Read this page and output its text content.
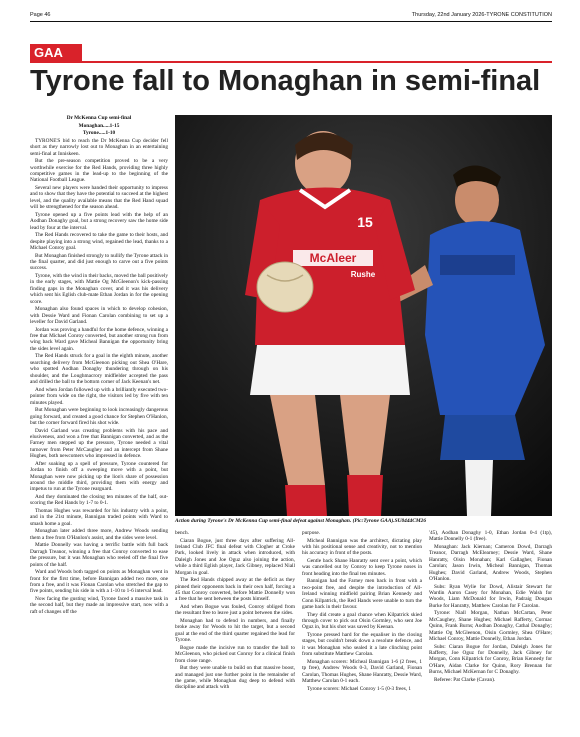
Page 46	Thursday, 22nd January 2026-TYRONE CONSTITUTION
GAA
Tyrone fall to Monaghan in semi-final

Dr McKenna Cup semi-final

Monaghan.....1-15

Tyrone.....1-10

TYRONE'S bid to reach the Dr McKenna Cup decider fell short as they narrowly lost out to Monaghan in an entertaining semi-final at Inniskeen.

But the pre-season competition proved to be a very worthwhile exercise for the Red Hands, providing three highly competitive games in the lead-up to the beginning of the National Football League.

Several new players were handed their opportunity to impress and to show that they have the potential to succeed at the highest level, and the quality available means that the Red Hand squad will be strengthened for the season ahead.

Tyrone opened up a five points lead with the help of an Aodhan Donaghy goal, but a strong recovery saw the home side lead by four at the interval.

The Red Hands recovered to take the game to their hosts, and despite playing into a strong wind, regained the lead, thanks to a Michael Conroy goal.

But Monaghan finished strongly to nullify the Tyrone attack in the final quarter, and did just enough to carve out a five points success.

Tyrone, with the wind in their backs, moved the ball positively in the early stages, with Mattie Og McGleenon's kick-passing finding gaps in the Monaghan cover, and it was his delivery which sent his Eglish club-mate Ethan Jordan in for the opening score.

Monaghan also found spaces in which to develop cohesion, with Dessie Ward and Fionan Carolan combining to set up a leveller for David Garland.

Jordan was proving a handful for the home defence, winning a free that Michael Conroy converted, but another strong run from wing back Ward gave Micheal Bannigan the opportunity bring the sides level again.

The Red Hands struck for a goal in the eighth minute, another searching delivery from McGleenon picking out Shea O'Hare, who spotted Aodhan Donaghy thundering through on his shoulder, and the Loughmacrory midfielder accepted the pass and drilled the ball to the bottom corner of Jack Keenan's net.

And when Jordan followed up with a brilliantly executed two-pointer from wide on the right, the visitors led by five with ten minutes played.

But Monaghan were beginning to look increasingly dangerous going forward, and created a good chance for Stephen O'Hanlon, but the corner forward fired his shot wide.

David Garland was creating problems with his pace and elusiveness, and won a free that Bannigan converted, and as the Farney men stepped up the pressure, Tyrone needed a vital turnover from Peter McCaughey and an intercept from Shane Hughes, both newcomers who impressed in defence.

After soaking up a spell of pressure, Tyrone countered for Jordan to finish off a sweeping move with a point, but Monaghan were now picking up the lion's share of possession around the middle third, providing them with energy and impetus to run at the Tyrone rearguard.

And they dominated the closing ten minutes of the half, out-scoring the Red Hands by 1-7 to 0-1.

Thomas Hughes was rewarded for his industry with a point, and in the 21st minute, Bannigan traded points with Ward to smash home a goal.

Monaghan later added three more, Andrew Woods sending them a free from O'Hanlon's assist, and the sides were level.

Mattie Donnelly was having a terrific battle with full back Darragh Treanor, winning a free that Conroy converted to ease the pressure, but it was Monaghan who reeled off the final five points of the half.

Ward and Woods both tagged on points as Monaghan went in front for the first time, before Bannigan added two more, one from a free, and it was Fionan Carolan who stretched the gap to five points, sending his side in with a 1-10 to 1-6 interval lead.

Now facing the gusting wind, Tyrone faced a massive task in the second half, but they made an impressive start, now with a raft of changes off the

McAleer
Rushe
15
Action during Tyrone's Dr McKenna Cup semi-final defeat against Monaghan. (Pic:Tyrone GAA).SU0444CM26

bench.

Ciaran Bogue, just three days after suffering All-Ireland Club JFC final defeat with Clogher at Croke Park, looked lively in attack when introduced, with Daleigh Jones and Joe Oguz also joining the action, while a third Eglish player, Jack Gibney, replaced Niall Morgan in goal.

The Red Hands chipped away at the deficit as they pinned their opponents back in their own half, forcing a 45 that Conroy converted, before Mattie Donnelly won a free that he sent between the posts himself.

And when Bogue was fouled, Conroy obliged from the resultant free to leave just a point between the sides.

Monaghan had to defend in numbers, and finally broke away for Woods to hit the target, but a second goal at the end of the third quarter regained the lead for Tyrone.

Bogue made the incisive run to transfer the ball to McGleenon, who picked out Conroy for a clinical finish from close range.

But they were unable to build on that massive boost, and managed just one further point in the remainder of the game, while Monaghan dug deep to defend with discipline and attack with

purpose.

Micheal Bannigan was the architect, dictating play with his positional sense and creativity, not to mention his accuracy in front of the posts.

Gentle back Shane Hanratty sent over a point, which was cancelled out by Conroy to keep Tyrone noses in front heading into the final ten minutes.

Bannigan had the Farney men back in front with a two-point free, and despite the introduction of All-Ireland winning midfield pairing Brian Kennedy and Conn Kilpatrick, the Red Hands were unable to turn the game back in their favour.

They did create a goal chance when Kilpatrick skied through cover to pick out Oisin Gormley, who sent Joe Oguz in, but his shot was saved by Keenan.

Tyrone pressed hard for the equaliser in the closing stages, but couldn't break down a resolute defence, and it was Monaghan who sealed it a late clinching point from substitute Matthew Carolan.

Monaghan scorers: Micheal Bannigan 1-6 (2 frees, 1 tp free), Andrew Woods 0-3, David Garland, Fionan Carolan, Thomas Hughes, Shane Hanratty, Dessie Ward, Matthew Carolan 0-1 each.

Tyrone scorers: Michael Conroy 1-5 (0-3 frees, 1

'45), Aodhan Donaghy 1-0, Ethan Jordan 0-4 (1tp), Mattie Donnelly 0-1 (free).

Monaghan: Jack Kiernan; Cameron Dowd, Darragh Treanor, Darragh McElearney; Dessie Ward, Shane Hanratty, Oisin Monahan; Karl Gallagher, Fionan Carolan; Jason Irwin, Micheal Bannigan, Thomas Hughes; David Garland, Andrew Woods, Stephen O'Hanlon.

Subs: Ryan Wylie for Dowd, Alistair Stewart for Wardin Aaron Casey for Monahan, Edie Walsh for Woods, Liam McDonald for Irwin, Padraig Dougan Burke for Hanratty, Matthew Carolan for F Carolan.

Tyrone: Niall Morgan, Nathan McCartan, Peter McCaughey, Shane Hughes; Michael Rafferty, Cormac Quinn, Frank Burns; Aodhan Donaghy, Cathal Donaghy; Mattie Og McGleenon, Oisin Gormley, Shea O'Hare; Michael Conroy, Mattie Donnelly, Ethan Jordan.

Subs: Ciaran Bogue for Jordan, Daleigh Jones for Rafferty, Joe Oguz for Donnelly, Jack Gibney for Morgan, Conn Kilpatrick for Conroy, Brian Kennedy for O'Hare, Aidan Clarke for Quinn, Rory Brennan for Burns, Michael McKernan for C Donaghy.

Referee: Pat Clarke (Cavan).
